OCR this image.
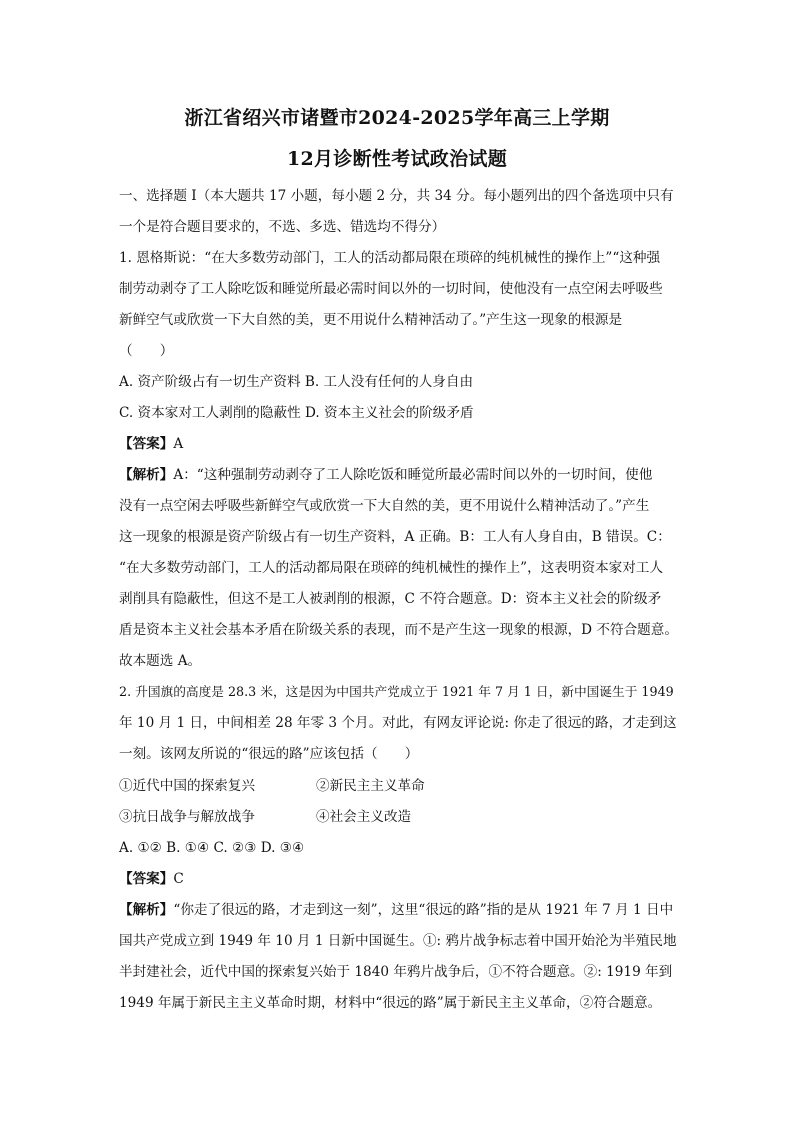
浙江省绍兴市诸暨市2024-2025学年高三上学期
12月诊断性考试政治试题
一、选择题 I（本大题共 17 小题，每小题 2 分，共 34 分。每小题列出的四个备选项中只有
一个是符合题目要求的，不选、多选、错选均不得分）
1. 恩格斯说：“在大多数劳动部门，工人的活动都局限在琐碎的纯机械性的操作上”“这种强
制劳动剥夺了工人除吃饭和睡觉所最必需时间以外的一切时间，使他没有一点空闲去呼吸些
新鲜空气或欣赏一下大自然的美，更不用说什么精神活动了。”产生这一现象的根源是
（　　）
A. 资产阶级占有一切生产资料 B. 工人没有任何的人身自由
C. 资本家对工人剥削的隐蔽性 D. 资本主义社会的阶级矛盾
【答案】A
【解析】A：“这种强制劳动剥夺了工人除吃饭和睡觉所最必需时间以外的一切时间，使他
没有一点空闲去呼吸些新鲜空气或欣赏一下大自然的美，更不用说什么精神活动了。”产生
这一现象的根源是资产阶级占有一切生产资料，A 正确。B：工人有人身自由，B 错误。C：
“在大多数劳动部门，工人的活动都局限在琐碎的纯机械性的操作上”，这表明资本家对工人
剥削具有隐蔽性，但这不是工人被剥削的根源，C 不符合题意。D：资本主义社会的阶级矛
盾是资本主义社会基本矛盾在阶级关系的表现，而不是产生这一现象的根源，D 不符合题意。
故本题选 A。
2. 升国旗的高度是 28.3 米，这是因为中国共产党成立于 1921 年 7 月 1 日，新中国诞生于 1949
年 10 月 1 日，中间相差 28 年零 3 个月。对此，有网友评论说: 你走了很远的路，才走到这
一刻。该网友所说的“很远的路”应该包括（　　）
①近代中国的探索复兴	②新民主主义革命
③抗日战争与解放战争	④社会主义改造
A. ①② B. ①④ C. ②③ D. ③④
【答案】C
【解析】“你走了很远的路，才走到这一刻”，这里“很远的路”指的是从 1921 年 7 月 1 日中
国共产党成立到 1949 年 10 月 1 日新中国诞生。①: 鸦片战争标志着中国开始沦为半殖民地
半封建社会，近代中国的探索复兴始于 1840 年鸦片战争后，①不符合题意。②: 1919 年到
1949 年属于新民主主义革命时期，材料中“很远的路”属于新民主主义革命，②符合题意。
